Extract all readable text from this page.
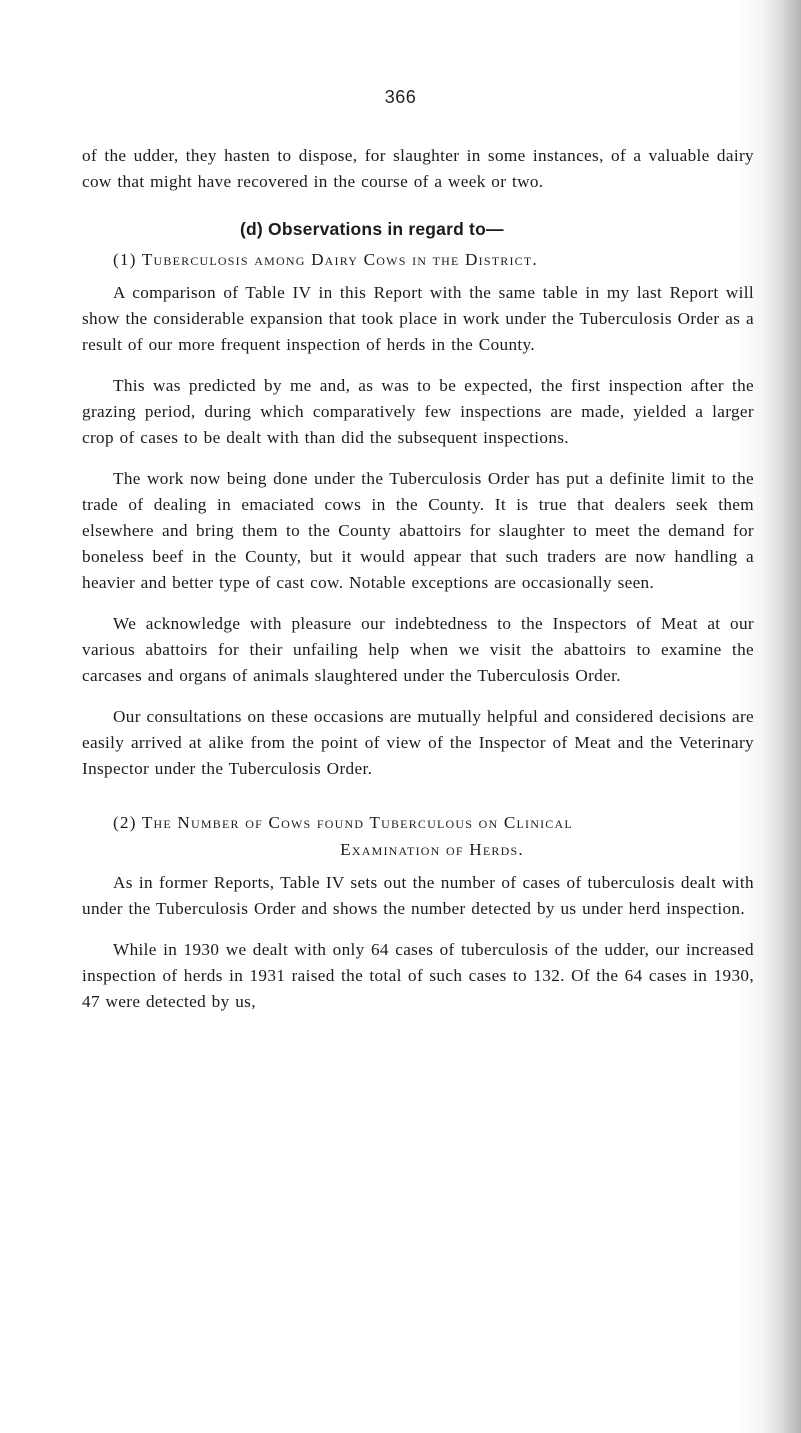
366

of the udder, they hasten to dispose, for slaughter in some instances, of a valuable dairy cow that might have recovered in the course of a week or two.

(d) Observations in regard to—
(1) Tuberculosis among Dairy Cows in the District.

A comparison of Table IV in this Report with the same table in my last Report will show the considerable expansion that took place in work under the Tuberculosis Order as a result of our more frequent inspection of herds in the County.

This was predicted by me and, as was to be expected, the first inspection after the grazing period, during which comparatively few inspections are made, yielded a larger crop of cases to be dealt with than did the subsequent inspections.

The work now being done under the Tuberculosis Order has put a definite limit to the trade of dealing in emaciated cows in the County. It is true that dealers seek them elsewhere and bring them to the County abattoirs for slaughter to meet the demand for boneless beef in the County, but it would appear that such traders are now handling a heavier and better type of cast cow. Notable exceptions are occasionally seen.

We acknowledge with pleasure our indebtedness to the Inspectors of Meat at our various abattoirs for their unfailing help when we visit the abattoirs to examine the carcases and organs of animals slaughtered under the Tuberculosis Order.

Our consultations on these occasions are mutually helpful and considered decisions are easily arrived at alike from the point of view of the Inspector of Meat and the Veterinary Inspector under the Tuberculosis Order.

(2) The Number of Cows found Tuberculous on Clinical
Examination of Herds.

As in former Reports, Table IV sets out the number of cases of tuberculosis dealt with under the Tuberculosis Order and shows the number detected by us under herd inspection.

While in 1930 we dealt with only 64 cases of tuberculosis of the udder, our increased inspection of herds in 1931 raised the total of such cases to 132. Of the 64 cases in 1930, 47 were detected by us,
